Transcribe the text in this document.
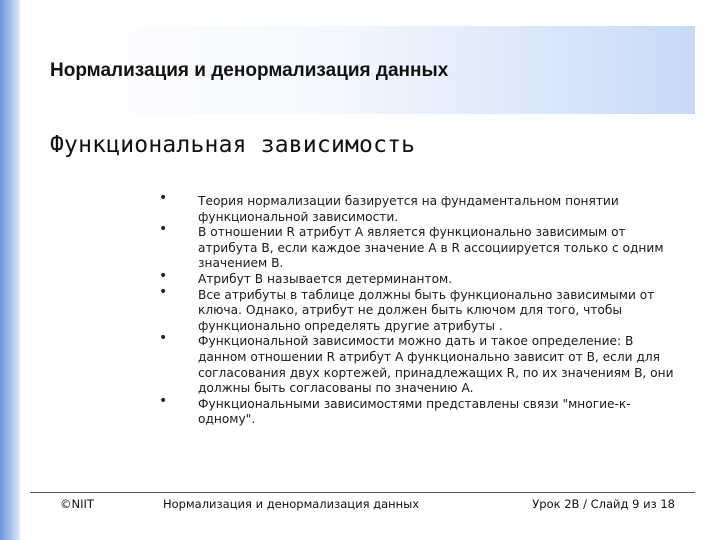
Нормализация и денормализация данных
Функциональная зависимость
•	Теория нормализации базируется на фундаментальном понятии функциональной зависимости.
•	В отношении R атрибут A является функционально зависимым от атрибута B, если каждое значение A в R ассоциируется только с одним значением B.
•	Атрибут B называется детерминантом.
•	Все атрибуты в таблице должны быть функционально зависимыми от ключа. Однако, атрибут не должен быть ключом для того, чтобы функционально определять другие атрибуты .
•	Функциональной зависимости можно дать и такое определение: В данном отношении R атрибут A функционально зависит от B, если для согласования двух кортежей, принадлежащих R, по их значениям B, они должны быть согласованы по значению A.
•	Функциональными зависимостями представлены связи "многие-к-одному".
©NIIT	Нормализация и денормализация данных	Урок 2B / Слайд 9 из 18
